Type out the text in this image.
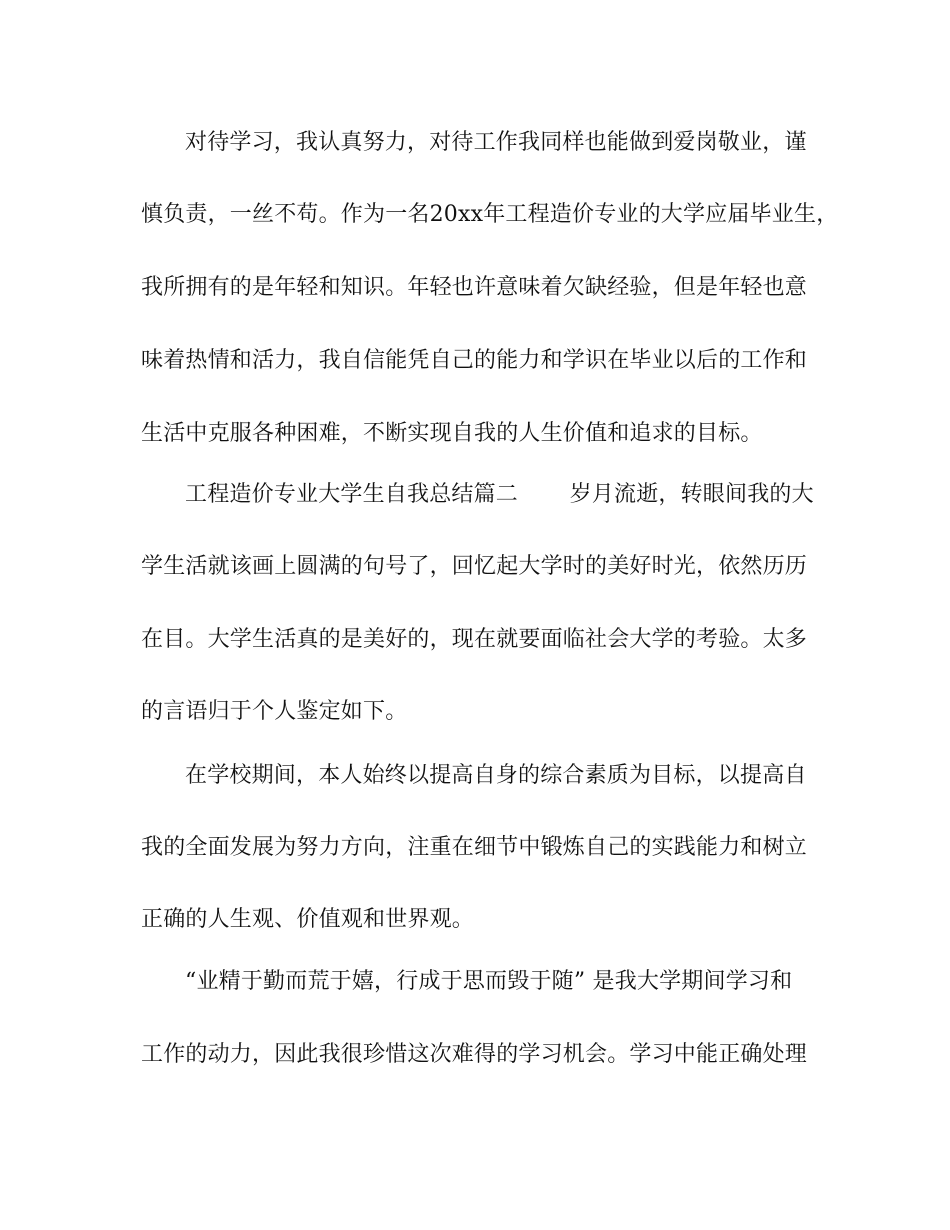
对待学习，我认真努力，对待工作我同样也能做到爱岗敬业，谨
慎负责，一丝不苟。作为一名20xx年工程造价专业的大学应届毕业生，
我所拥有的是年轻和知识。年轻也许意味着欠缺经验，但是年轻也意
味着热情和活力，我自信能凭自己的能力和学识在毕业以后的工作和
生活中克服各种困难，不断实现自我的人生价值和追求的目标。
工程造价专业大学生自我总结篇二　　 岁月流逝，转眼间我的大
学生活就该画上圆满的句号了，回忆起大学时的美好时光，依然历历
在目。大学生活真的是美好的，现在就要面临社会大学的考验。太多
的言语归于个人鉴定如下。
在学校期间，本人始终以提高自身的综合素质为目标，以提高自
我的全面发展为努力方向，注重在细节中锻炼自己的实践能力和树立
正确的人生观、价值观和世界观。
“业精于勤而荒于嬉，行成于思而毁于随” 是我大学期间学习和
工作的动力，因此我很珍惜这次难得的学习机会。学习中能正确处理
